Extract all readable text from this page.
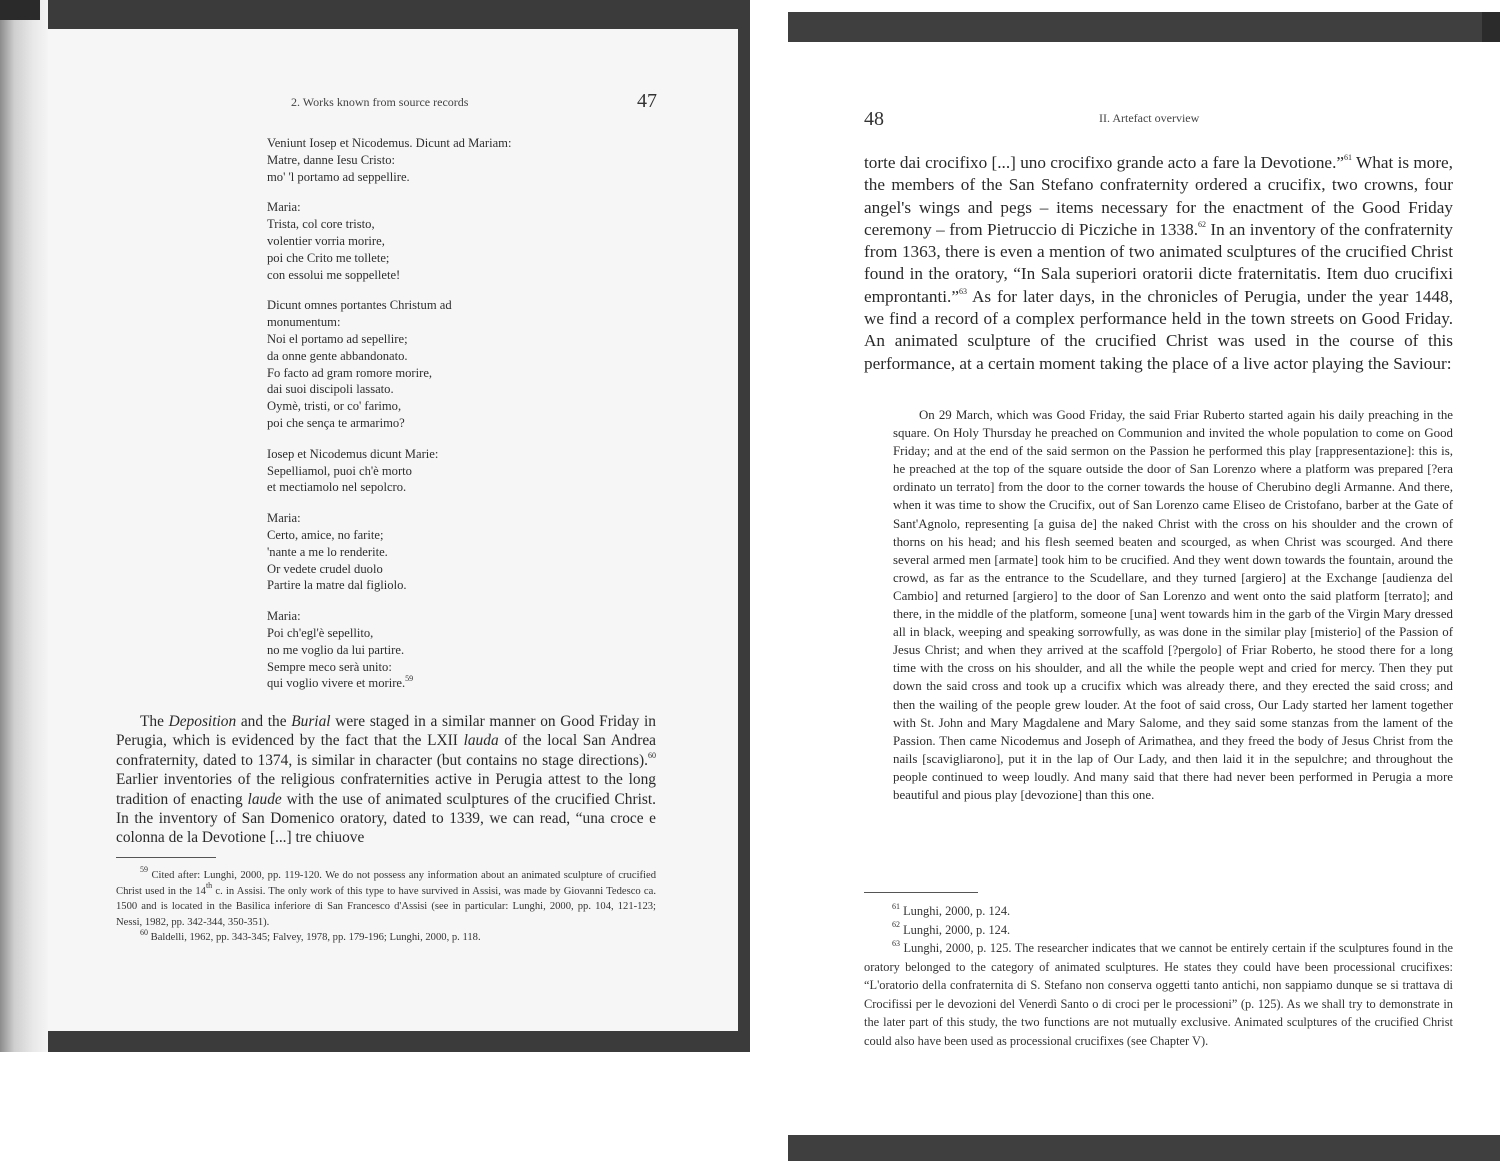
2. Works known from source records	47
Veniunt Iosep et Nicodemus. Dicunt ad Mariam:
Matre, danne Iesu Cristo:
mo' 'l portamo ad seppellire.
Maria:
Trista, col core tristo,
volentier vorria morire,
poi che Crito me tollete;
con essolui me soppellete!
Dicunt omnes portantes Christum ad
monumentum:
Noi el portamo ad sepellire;
da onne gente abbandonato.
Fo facto ad gram romore morire,
dai suoi discipoli lassato.
Oymè, tristi, or co' farimo,
poi che sença te armarimo?
Iosep et Nicodemus dicunt Marie:
Sepelliamol, puoi ch'è morto
et mectiamolo nel sepolcro.
Maria:
Certo, amice, no farite;
'nante a me lo renderite.
Or vedete crudel duolo
Partire la matre dal figliolo.
Maria:
Poi ch'egl'è sepellito,
no me voglio da lui partire.
Sempre meco serà unito:
qui voglio vivere et morire.$^{59}$

The Deposition and the Burial were staged in a similar manner on Good Friday in Perugia, which is evidenced by the fact that the LXII lauda of the local San Andrea confraternity, dated to 1374, is similar in character (but contains no stage directions).$^{60}$ Earlier inventories of the religious confraternities active in Perugia attest to the long tradition of enacting laude with the use of animated sculptures of the crucified Christ. In the inventory of San Domenico oratory, dated to 1339, we can read, “una croce e colonna de la Devotione [...] tre chiuove

$^{59}$ Cited after: Lunghi, 2000, pp. 119-120. We do not possess any information about an animated sculpture of crucified Christ used in the 14th c. in Assisi. The only work of this type to have survived in Assisi, was made by Giovanni Tedesco ca. 1500 and is located in the Basilica inferiore di San Francesco d'Assisi (see in particular: Lunghi, 2000, pp. 104, 121-123; Nessi, 1982, pp. 342-344, 350-351).

$^{60}$ Baldelli, 1962, pp. 343-345; Falvey, 1978, pp. 179-196; Lunghi, 2000, p. 118.

48	II. Artefact overview

torte dai crocifixo [...] uno crocifixo grande acto a fare la Devotione.”$^{61}$ What is more, the members of the San Stefano confraternity ordered a crucifix, two crowns, four angel's wings and pegs – items necessary for the enactment of the Good Friday ceremony – from Pietruccio di Picziche in 1338.62 In an inventory of the confraternity from 1363, there is even a mention of two animated sculptures of the crucified Christ found in the oratory, “In Sala superiori oratorii dicte fraternitatis. Item duo crucifixi emprontanti.”$^{63}$ As for later days, in the chronicles of Perugia, under the year 1448, we find a record of a complex performance held in the town streets on Good Friday. An animated sculpture of the crucified Christ was used in the course of this performance, at a certain moment taking the place of a live actor playing the Saviour:

On 29 March, which was Good Friday, the said Friar Ruberto started again his daily preaching in the square. On Holy Thursday he preached on Communion and invited the whole population to come on Good Friday; and at the end of the said sermon on the Passion he performed this play [rappresentazione]: this is, he preached at the top of the square outside the door of San Lorenzo where a platform was prepared [?era ordinato un terrato] from the door to the corner towards the house of Cherubino degli Armanne. And there, when it was time to show the Crucifix, out of San Lorenzo came Eliseo de Cristofano, barber at the Gate of Sant'Agnolo, representing [a guisa de] the naked Christ with the cross on his shoulder and the crown of thorns on his head; and his flesh seemed beaten and scourged, as when Christ was scourged. And there several armed men [armate] took him to be crucified. And they went down towards the fountain, around the crowd, as far as the entrance to the Scudellare, and they turned [argiero] at the Exchange [audienza del Cambio] and returned [argiero] to the door of San Lorenzo and went onto the said platform [terrato]; and there, in the middle of the platform, someone [una] went towards him in the garb of the Virgin Mary dressed all in black, weeping and speaking sorrowfully, as was done in the similar play [misterio] of the Passion of Jesus Christ; and when they arrived at the scaffold [?pergolo] of Friar Roberto, he stood there for a long time with the cross on his shoulder, and all the while the people wept and cried for mercy. Then they put down the said cross and took up a crucifix which was already there, and they erected the said cross; and then the wailing of the people grew louder. At the foot of said cross, Our Lady started her lament together with St. John and Mary Magdalene and Mary Salome, and they said some stanzas from the lament of the Passion. Then came Nicodemus and Joseph of Arimathea, and they freed the body of Jesus Christ from the nails [scavigliarono], put it in the lap of Our Lady, and then laid it in the sepulchre; and throughout the people continued to weep loudly. And many said that there had never been performed in Perugia a more beautiful and pious play [devozione] than this one.

$^{61}$ Lunghi, 2000, p. 124.

$^{62}$ Lunghi, 2000, p. 124.

$^{63}$ Lunghi, 2000, p. 125. The researcher indicates that we cannot be entirely certain if the sculptures found in the oratory belonged to the category of animated sculptures. He states they could have been processional crucifixes: “L'oratorio della confraternita di S. Stefano non conserva oggetti tanto antichi, non sappiamo dunque se si trattava di Crocifissi per le devozioni del Venerdì Santo o di croci per le processioni” (p. 125). As we shall try to demonstrate in the later part of this study, the two functions are not mutually exclusive. Animated sculptures of the crucified Christ could also have been used as processional crucifixes (see Chapter V).
